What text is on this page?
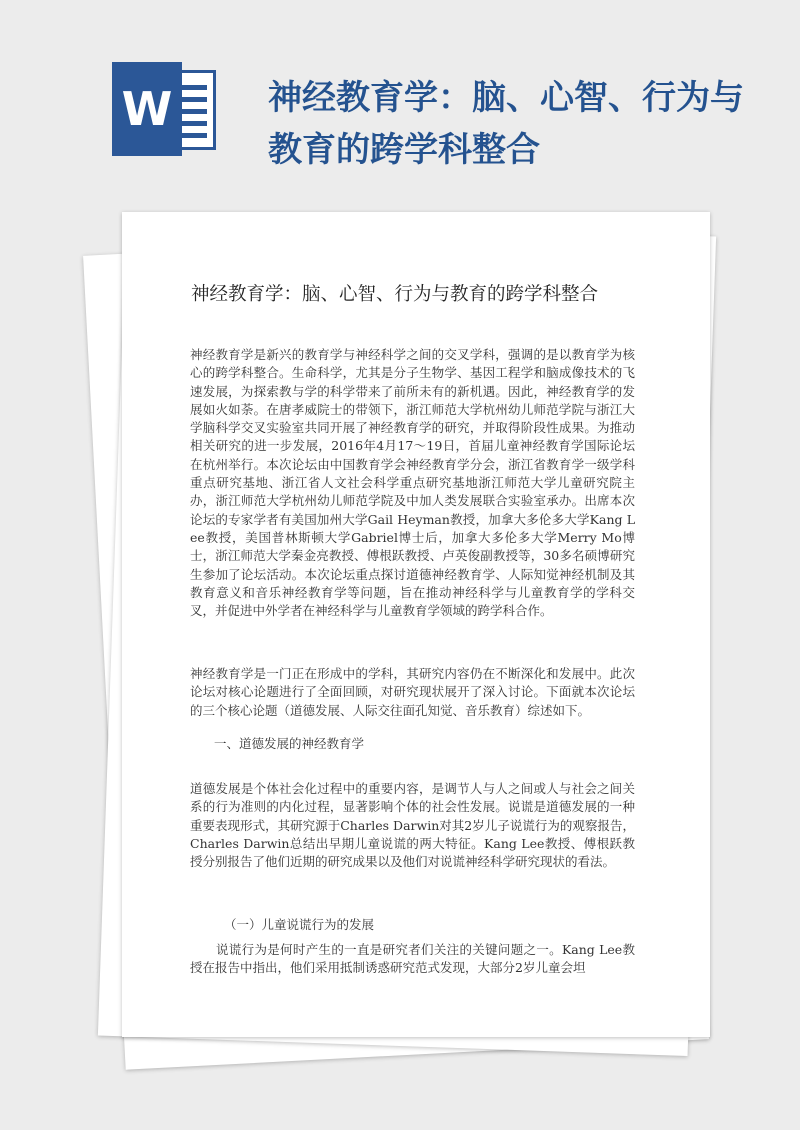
W	神经教育学：脑、心智、行为与教育的跨学科整合
神经教育学：脑、心智、行为与教育的跨学科整合
神经教育学是新兴的教育学与神经科学之间的交叉学科，强调的是以教育学为核心的跨学科整合。生命科学，尤其是分子生物学、基因工程学和脑成像技术的飞速发展，为探索教与学的科学带来了前所未有的新机遇。因此，神经教育学的发展如火如荼。在唐孝威院士的带领下，浙江师范大学杭州幼儿师范学院与浙江大学脑科学交叉实验室共同开展了神经教育学的研究，并取得阶段性成果。为推动相关研究的进一步发展，2016年4月17～19日，首届儿童神经教育学国际论坛在杭州举行。本次论坛由中国教育学会神经教育学分会，浙江省教育学一级学科重点研究基地、浙江省人文社会科学重点研究基地浙江师范大学儿童研究院主办，浙江师范大学杭州幼儿师范学院及中加人类发展联合实验室承办。出席本次论坛的专家学者有美国加州大学Gail Heyman教授，加拿大多伦多大学Kang Lee教授，美国普林斯顿大学Gabriel博士后，加拿大多伦多大学Merry Mo博士，浙江师范大学秦金亮教授、傅根跃教授、卢英俊副教授等，30多名硕博研究生参加了论坛活动。本次论坛重点探讨道德神经教育学、人际知觉神经机制及其教育意义和音乐神经教育学等问题，旨在推动神经科学与儿童教育学的学科交叉，并促进中外学者在神经科学与儿童教育学领域的跨学科合作。
神经教育学是一门正在形成中的学科，其研究内容仍在不断深化和发展中。此次论坛对核心论题进行了全面回顾，对研究现状展开了深入讨论。下面就本次论坛的三个核心论题（道德发展、人际交往面孔知觉、音乐教育）综述如下。
一、道德发展的神经教育学
道德发展是个体社会化过程中的重要内容，是调节人与人之间或人与社会之间关系的行为准则的内化过程，显著影响个体的社会性发展。说谎是道德发展的一种重要表现形式，其研究源于Charles Darwin对其2岁儿子说谎行为的观察报告，Charles Darwin总结出早期儿童说谎的两大特征。Kang Lee教授、傅根跃教授分别报告了他们近期的研究成果以及他们对说谎神经科学研究现状的看法。
（一）儿童说谎行为的发展
说谎行为是何时产生的一直是研究者们关注的关键问题之一。Kang Lee教授在报告中指出，他们采用抵制诱惑研究范式发现，大部分2岁儿童会坦
